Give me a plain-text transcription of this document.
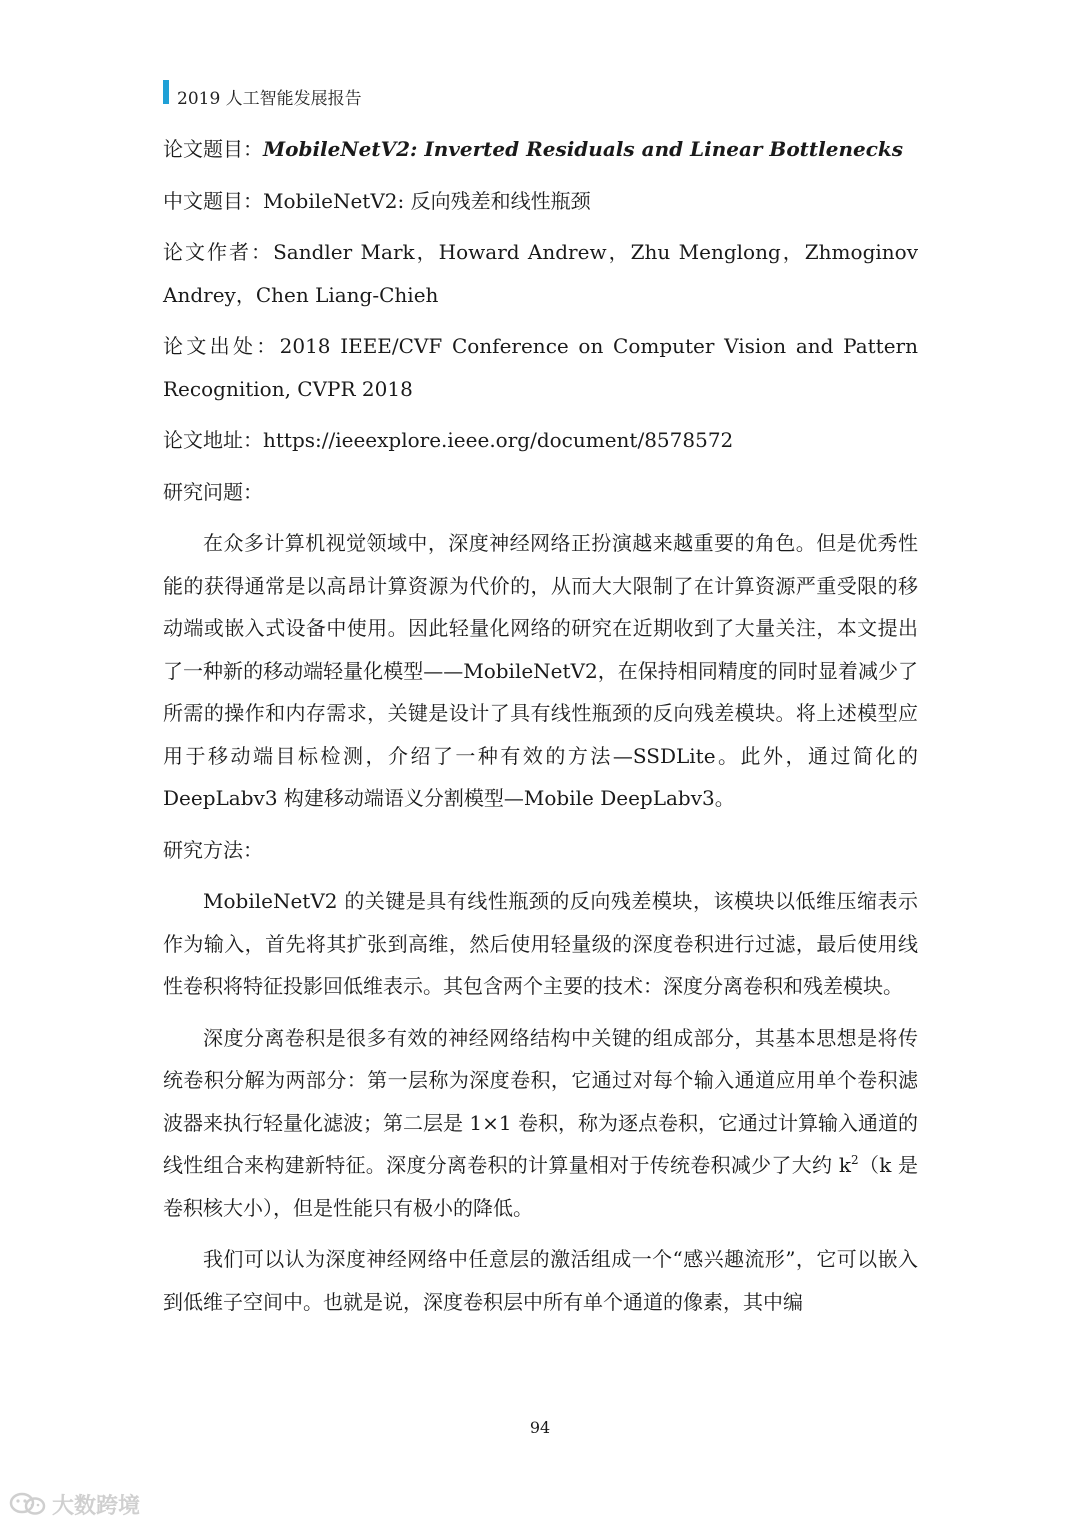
2019 人工智能发展报告

论文题目：MobileNetV2: Inverted Residuals and Linear Bottlenecks

中文题目：MobileNetV2: 反向残差和线性瓶颈

论文作者：Sandler Mark，Howard Andrew，Zhu Menglong，Zhmoginov Andrey，Chen Liang-Chieh

论文出处：2018 IEEE/CVF Conference on Computer Vision and Pattern Recognition, CVPR 2018

论文地址：https://ieeexplore.ieee.org/document/8578572

研究问题：

在众多计算机视觉领域中，深度神经网络正扮演越来越重要的角色。但是优秀性能的获得通常是以高昂计算资源为代价的，从而大大限制了在计算资源严重受限的移动端或嵌入式设备中使用。因此轻量化网络的研究在近期收到了大量关注，本文提出了一种新的移动端轻量化模型——MobileNetV2，在保持相同精度的同时显着减少了所需的操作和内存需求，关键是设计了具有线性瓶颈的反向残差模块。将上述模型应用于移动端目标检测，介绍了一种有效的方法—SSDLite。此外，通过简化的 DeepLabv3 构建移动端语义分割模型—Mobile DeepLabv3。

研究方法：

MobileNetV2 的关键是具有线性瓶颈的反向残差模块，该模块以低维压缩表示作为输入，首先将其扩张到高维，然后使用轻量级的深度卷积进行过滤，最后使用线性卷积将特征投影回低维表示。其包含两个主要的技术：深度分离卷积和残差模块。

深度分离卷积是很多有效的神经网络结构中关键的组成部分，其基本思想是将传统卷积分解为两部分：第一层称为深度卷积，它通过对每个输入通道应用单个卷积滤波器来执行轻量化滤波；第二层是 1×1 卷积，称为逐点卷积，它通过计算输入通道的线性组合来构建新特征。深度分离卷积的计算量相对于传统卷积减少了大约 $k^2(k$ 是卷积核大小），但是性能只有极小的降低。

我们可以认为深度神经网络中任意层的激活组成一个“感兴趣流形”，它可以嵌入到低维子空间中。也就是说，深度卷积层中所有单个通道的像素，其中编

94
大数跨境
